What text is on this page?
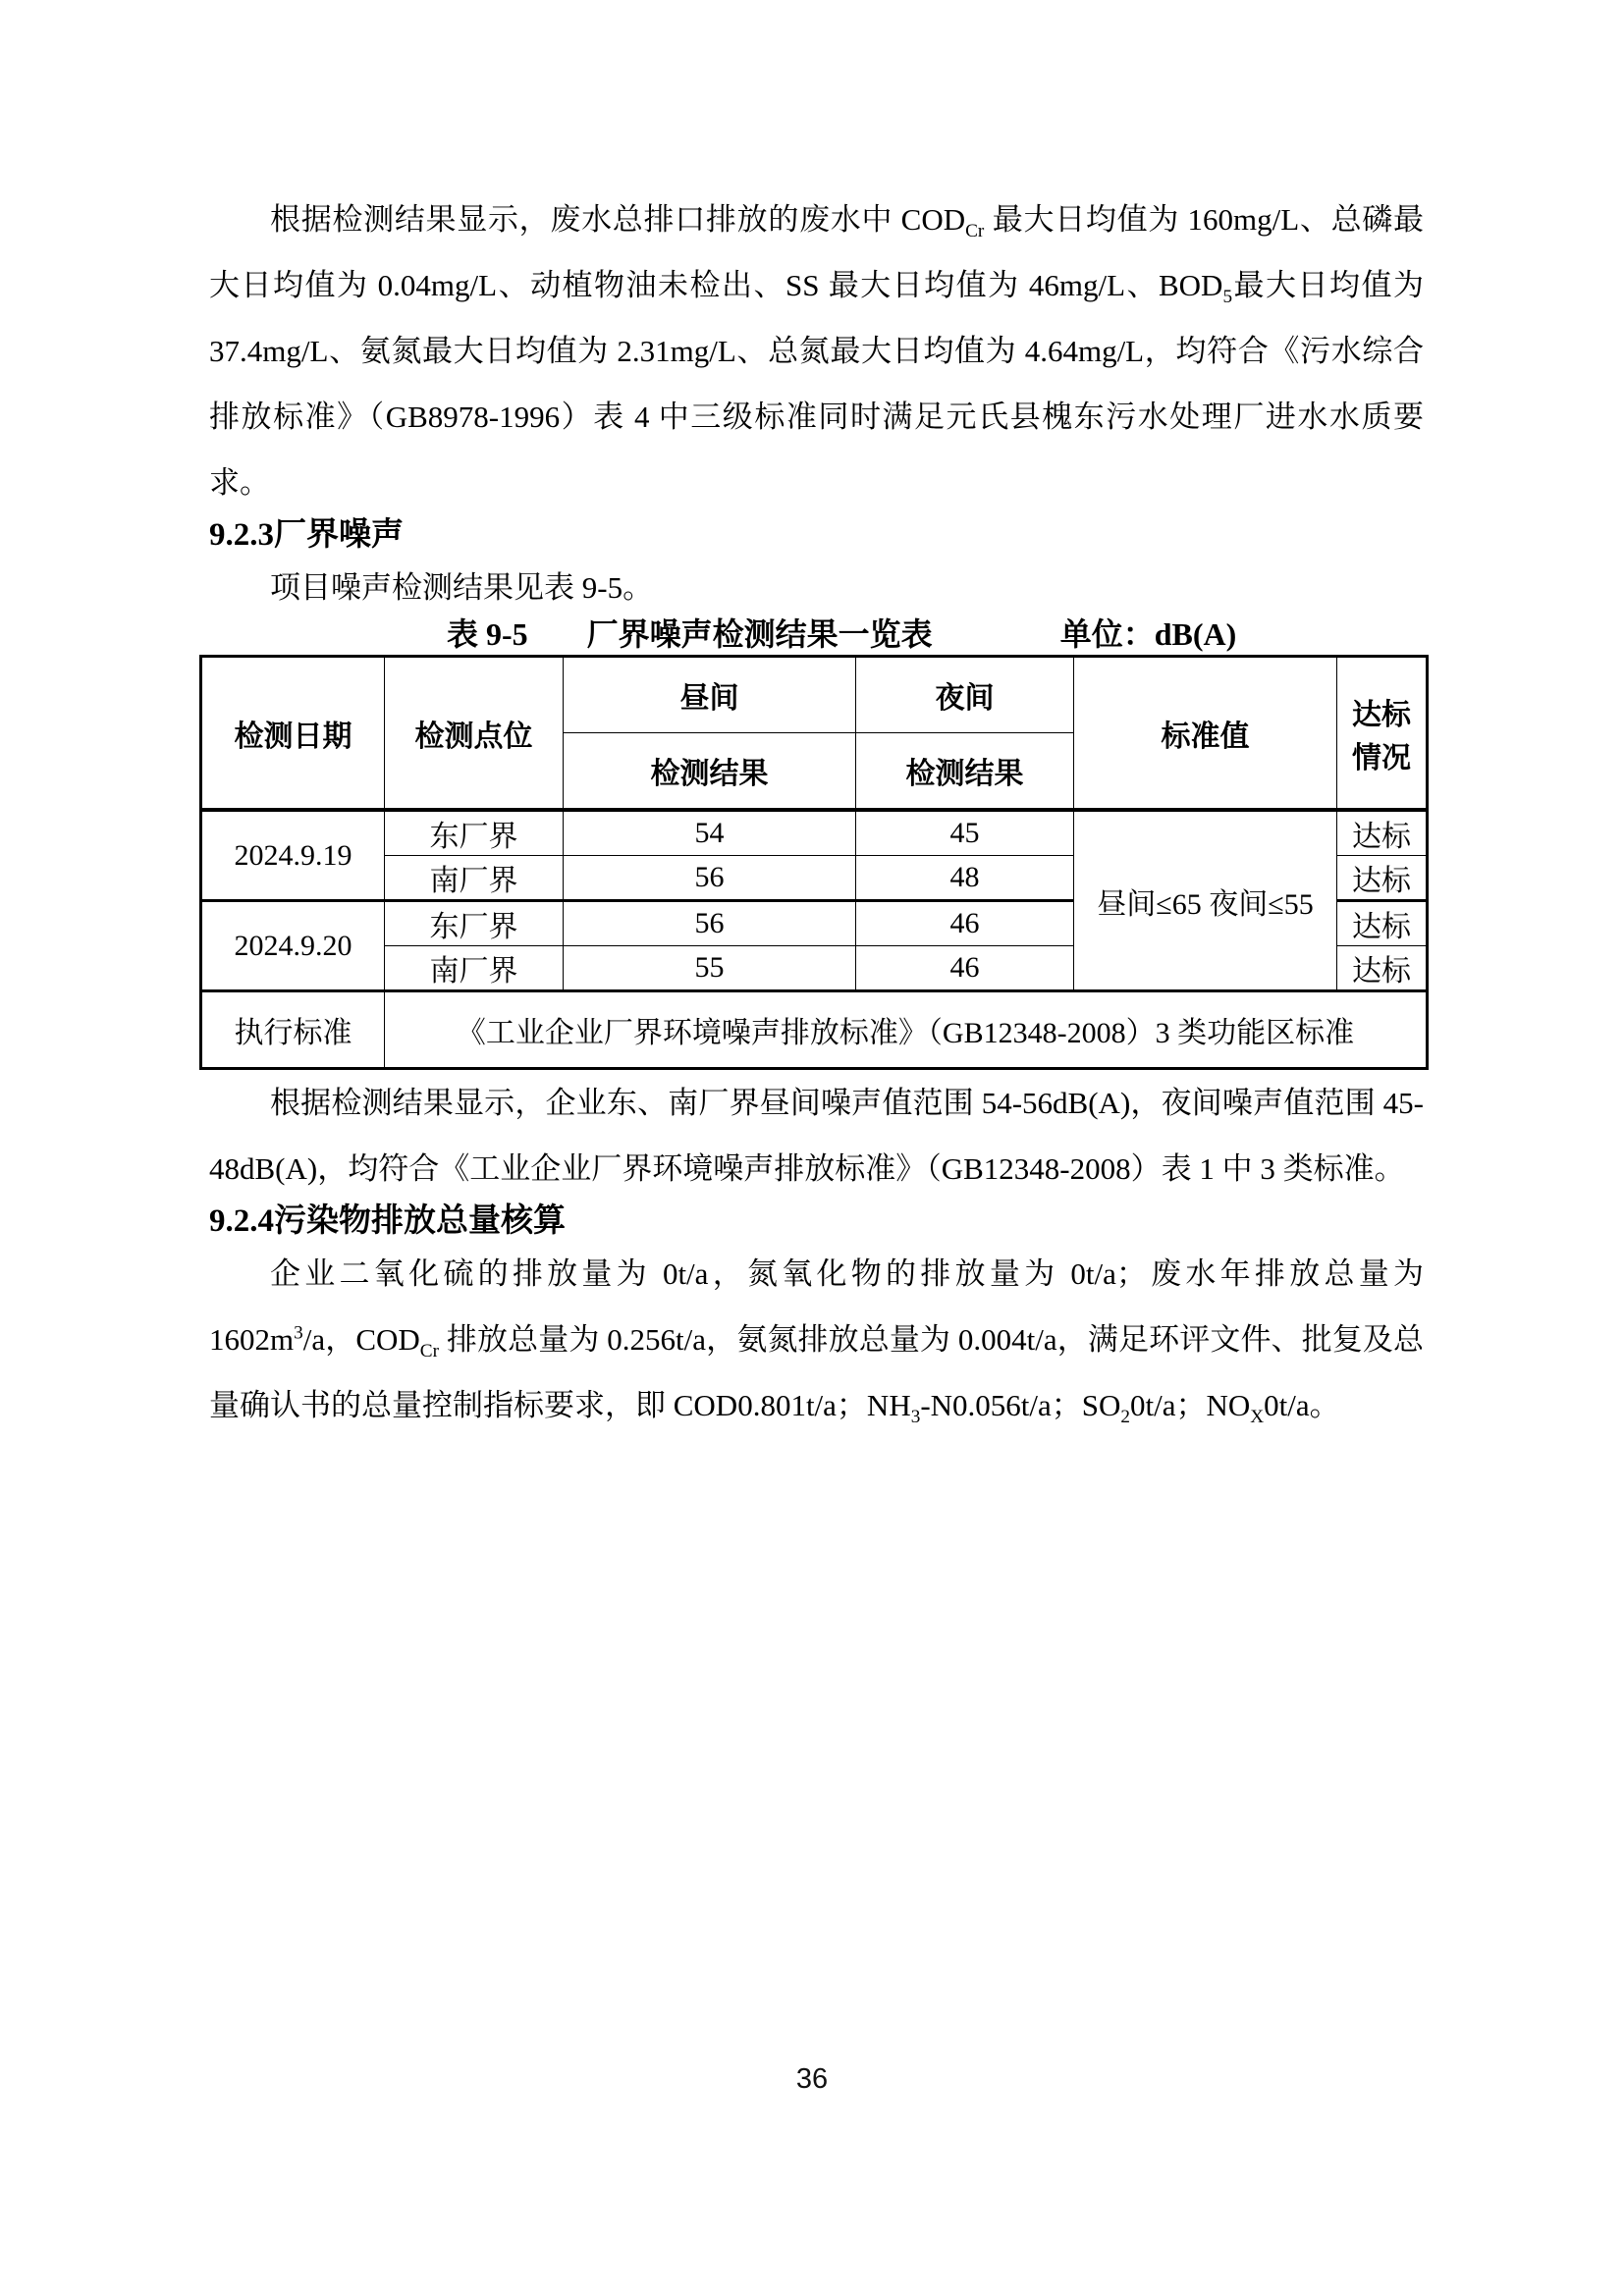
根据检测结果显示，废水总排口排放的废水中 $COD_{Cr}$ 最大日均值为 160mg/L、总磷最大日均值为 0.04mg/L、动植物油未检出、SS 最大日均值为 46mg/L、$BOD_5$最大日均值为 37.4mg/L、氨氮最大日均值为 2.31mg/L、总氮最大日均值为 4.64mg/L，均符合《污水综合排放标准》（GB8978-1996）表 4 中三级标准同时满足元氏县槐东污水处理厂进水水质要求。

9.2.3厂界噪声

项目噪声检测结果见表 9-5。

表 9-5 厂界噪声检测结果一览表	单位：dB(A)
检测日期	检测点位	昼间	夜间	标准值	达标情况
		检测结果	检测结果		
2024.9.19	东厂界	54	45	昼间≤65 夜间≤55	达标
	南厂界	56	48		达标
2024.9.20	东厂界	56	46		达标
	南厂界	55	46		达标
执行标准	《工业企业厂界环境噪声排放标准》（GB12348-2008）3 类功能区标准				

根据检测结果显示，企业东、南厂界昼间噪声值范围 54-56dB(A)，夜间噪声值范围 45-48dB(A)，均符合《工业企业厂界环境噪声排放标准》（GB12348-2008）表 1 中 3 类标准。

9.2.4污染物排放总量核算

企业二氧化硫的排放量为 0t/a，氮氧化物的排放量为 0t/a；废水年排放总量为 $1602m^3/a$，$COD_{Cr}$ 排放总量为 0.256t/a，氨氮排放总量为 0.004t/a，满足环评文件、批复及总量确认书的总量控制指标要求，即 COD0.801t/a；$NH_3-N0.056t/a$；$SO_20t/a$；$NO_X0t/a$。

36
